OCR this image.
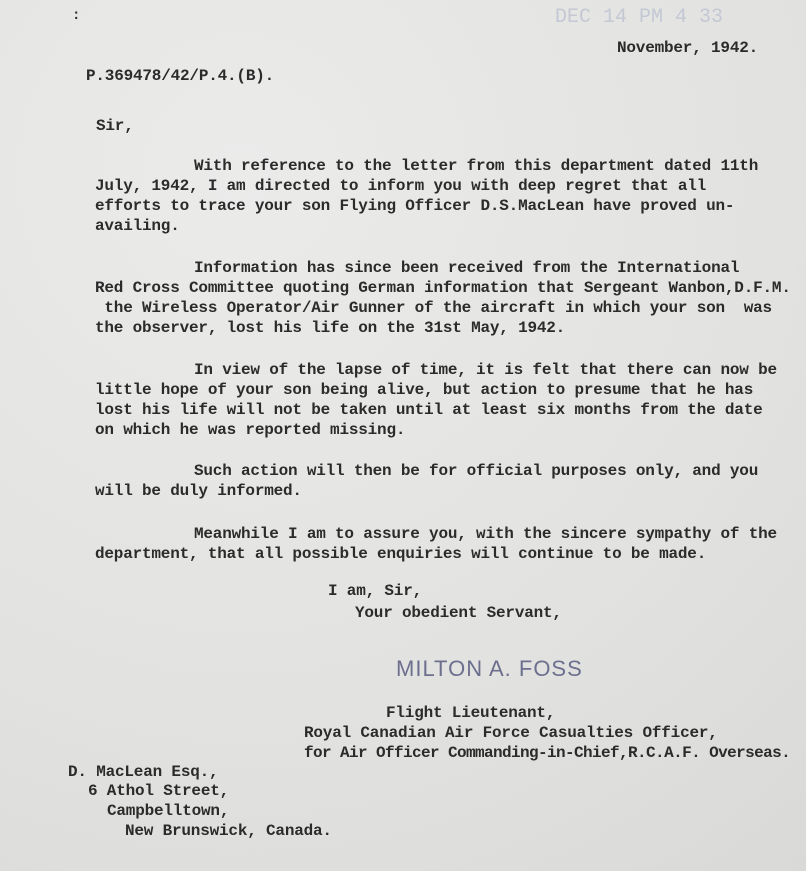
:	DEC 14 PM 4 33
November, 1942.
P.369478/42/P.4.(B).
Sir,
With reference to the letter from this department dated 11th
July, 1942, I am directed to inform you with deep regret that all
efforts to trace your son Flying Officer D.S.MacLean have proved un-
availing.
Information has since been received from the International
Red Cross Committee quoting German information that Sergeant Wanbon,D.F.M.
the Wireless Operator/Air Gunner of the aircraft in which your son  was
the observer, lost his life on the 31st May, 1942.
In view of the lapse of time, it is felt that there can now be
little hope of your son being alive, but action to presume that he has
lost his life will not be taken until at least six months from the date
on which he was reported missing.
Such action will then be for official purposes only, and you
will be duly informed.
Meanwhile I am to assure you, with the sincere sympathy of the
department, that all possible enquiries will continue to be made.
I am, Sir,
Your obedient Servant,
MILTON A. FOSS
Flight Lieutenant,
Royal Canadian Air Force Casualties Officer,
for Air Officer Commanding-in-Chief,R.C.A.F. Overseas.
D. MacLean Esq.,
6 Athol Street,
Campbelltown,
New Brunswick, Canada.
